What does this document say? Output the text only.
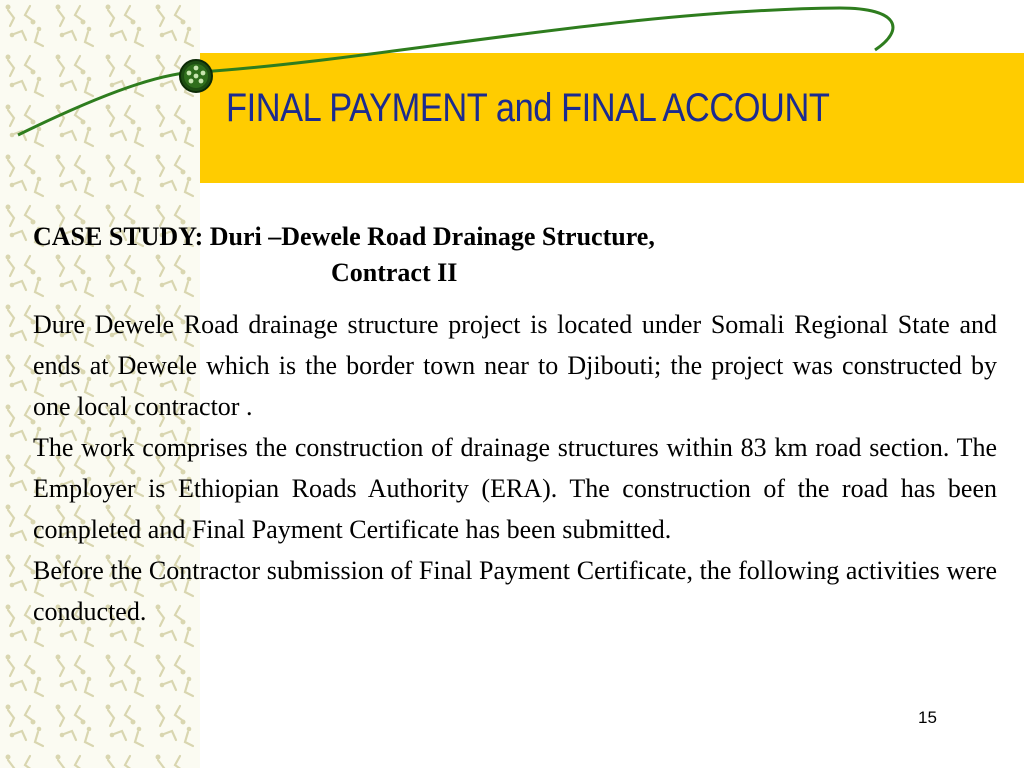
FINAL PAYMENT and FINAL ACCOUNT

CASE STUDY: Duri –Dewele Road Drainage Structure,

Contract II

Dure Dewele Road drainage structure project is located under Somali Regional State and ends at Dewele which is the border town near to Djibouti; the project was constructed by one local contractor .

The work comprises the construction of drainage structures within 83 km road section. The Employer is Ethiopian Roads Authority (ERA). The construction of the road has been completed and Final Payment Certificate has been submitted.

Before the Contractor submission of Final Payment Certificate, the following activities were conducted.

15
